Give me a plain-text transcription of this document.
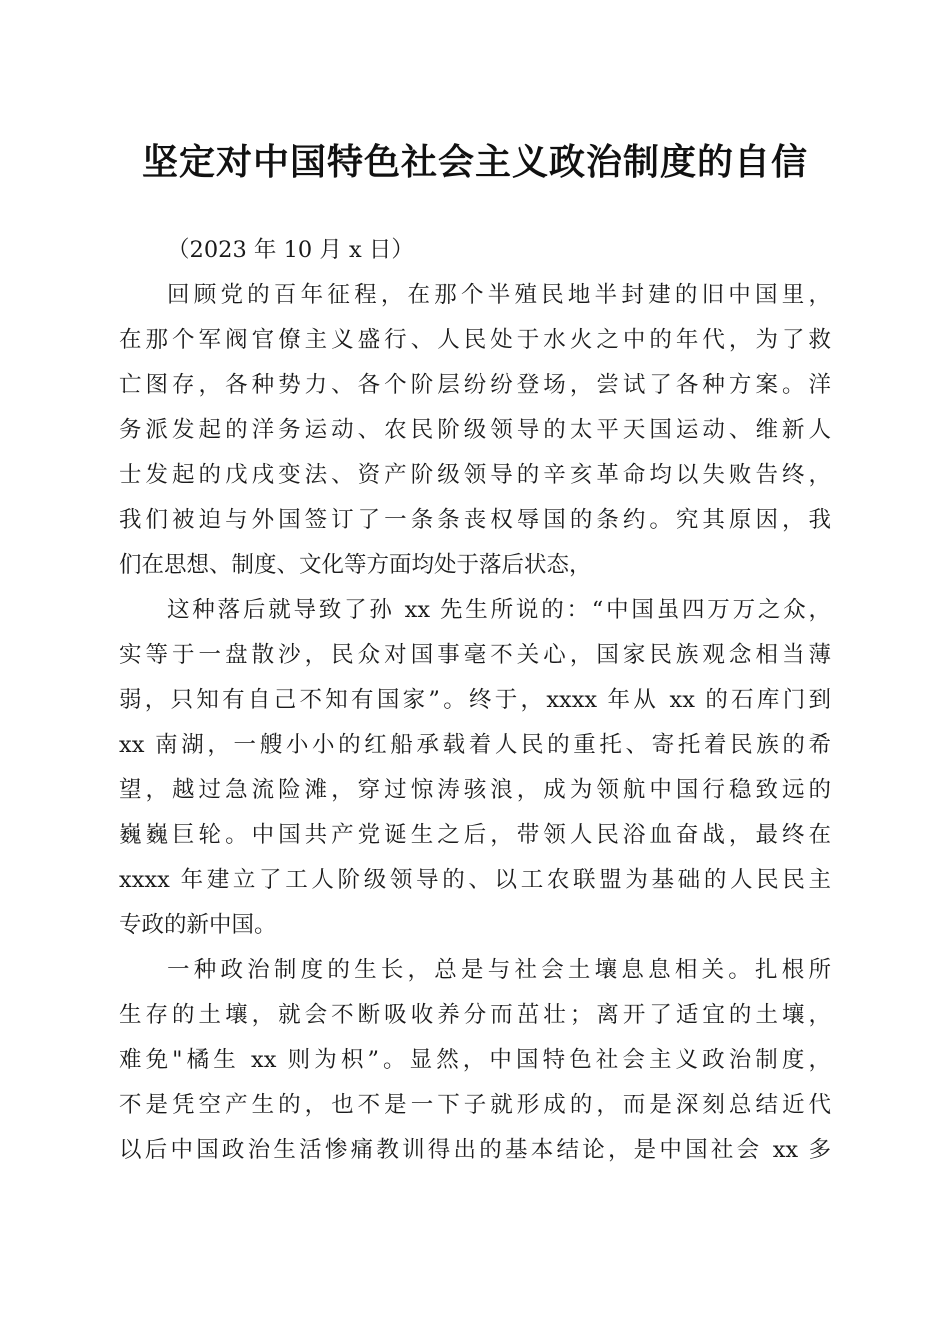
坚定对中国特色社会主义政治制度的自信
（2023 年 10 月 x 日）
回顾党的百年征程，在那个半殖民地半封建的旧中国里，
在那个军阀官僚主义盛行、人民处于水火之中的年代，为了救
亡图存，各种势力、各个阶层纷纷登场，尝试了各种方案。洋
务派发起的洋务运动、农民阶级领导的太平天国运动、维新人
士发起的戊戌变法、资产阶级领导的辛亥革命均以失败告终，
我们被迫与外国签订了一条条丧权辱国的条约。究其原因，我
们在思想、制度、文化等方面均处于落后状态，
这种落后就导致了孙 xx 先生所说的：“中国虽四万万之众，
实等于一盘散沙，民众对国事毫不关心，国家民族观念相当薄
弱，只知有自己不知有国家”。终于，xxxx 年从 xx 的石库门到
xx 南湖，一艘小小的红船承载着人民的重托、寄托着民族的希
望，越过急流险滩，穿过惊涛骇浪，成为领航中国行稳致远的
巍巍巨轮。中国共产党诞生之后，带领人民浴血奋战，最终在
xxxx 年建立了工人阶级领导的、以工农联盟为基础的人民民主
专政的新中国。
一种政治制度的生长，总是与社会土壤息息相关。扎根所
生存的土壤，就会不断吸收养分而茁壮；离开了适宜的土壤，
难免"橘生 xx 则为枳”。显然，中国特色社会主义政治制度，
不是凭空产生的，也不是一下子就形成的，而是深刻总结近代
以后中国政治生活惨痛教训得出的基本结论，是中国社会 xx 多
